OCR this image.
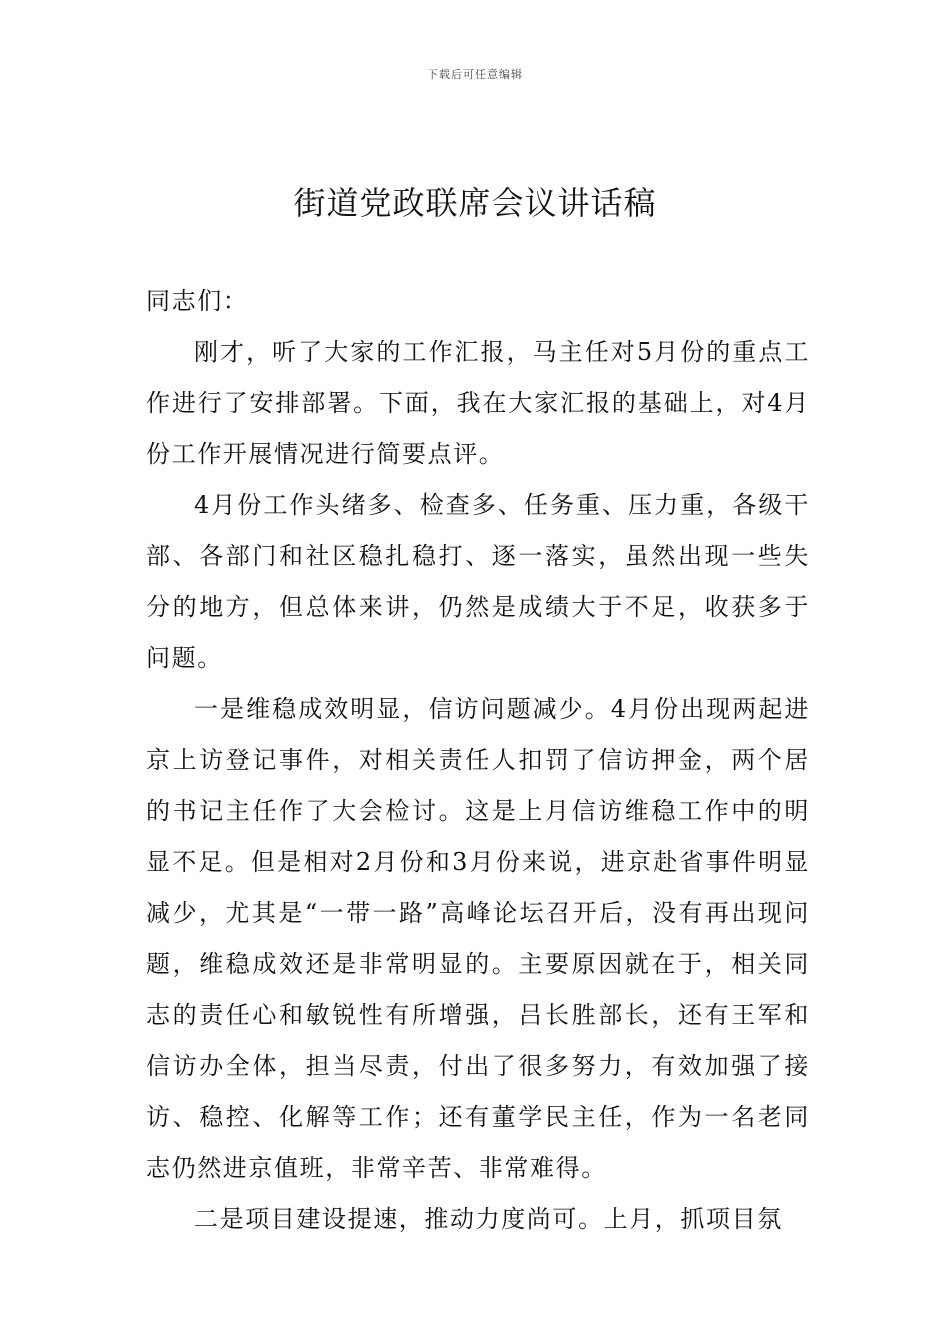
下载后可任意编辑
街道党政联席会议讲话稿

同志们：

刚才，听了大家的工作汇报，马主任对5月份的重点工作进行了安排部署。下面，我在大家汇报的基础上，对4月份工作开展情况进行简要点评。

4月份工作头绪多、检查多、任务重、压力重，各级干部、各部门和社区稳扎稳打、逐一落实，虽然出现一些失分的地方，但总体来讲，仍然是成绩大于不足，收获多于问题。

一是维稳成效明显，信访问题减少。4月份出现两起进京上访登记事件，对相关责任人扣罚了信访押金，两个居的书记主任作了大会检讨。这是上月信访维稳工作中的明显不足。但是相对2月份和3月份来说，进京赴省事件明显减少，尤其是“一带一路”高峰论坛召开后，没有再出现问题，维稳成效还是非常明显的。主要原因就在于，相关同志的责任心和敏锐性有所增强，吕长胜部长，还有王军和信访办全体，担当尽责，付出了很多努力，有效加强了接访、稳控、化解等工作；还有董学民主任，作为一名老同志仍然进京值班，非常辛苦、非常难得。

二是项目建设提速，推动力度尚可。上月，抓项目氛
